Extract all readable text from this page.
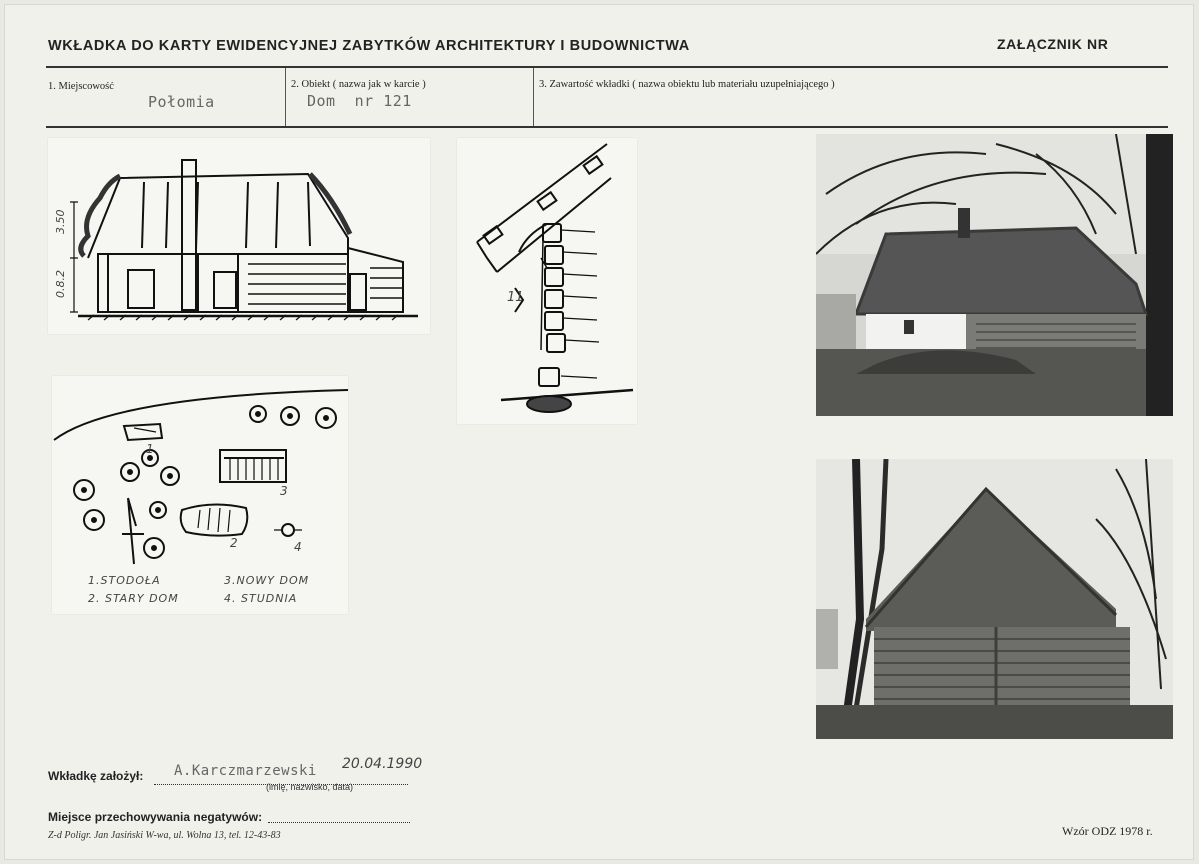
WKŁADKA DO KARTY EWIDENCYJNEJ ZABYTKÓW ARCHITEKTURY I BUDOWNICTWA	ZAŁĄCZNIK NR
1. Miejscowość
Połomia
2. Obiekt ( nazwa jak w karcie )
Dom  nr 121
3. Zawartość wkładki ( nazwa obiektu lub materiału uzupełniającego )
3.50
0.8.2	11
1
2
3
4
1.STODOŁA
2. STARY DOM
3.NOWY DOM
4. STUDNIA
Wkładkę założył: A.Karczmarzewski 20.04.1990
(imię, nazwisko, data)
Miejsce przechowywania negatywów:
Z-d Poligr. Jan Jasiński W-wa, ul. Wolna 13, tel. 12-43-83	Wzór ODZ 1978 r.
